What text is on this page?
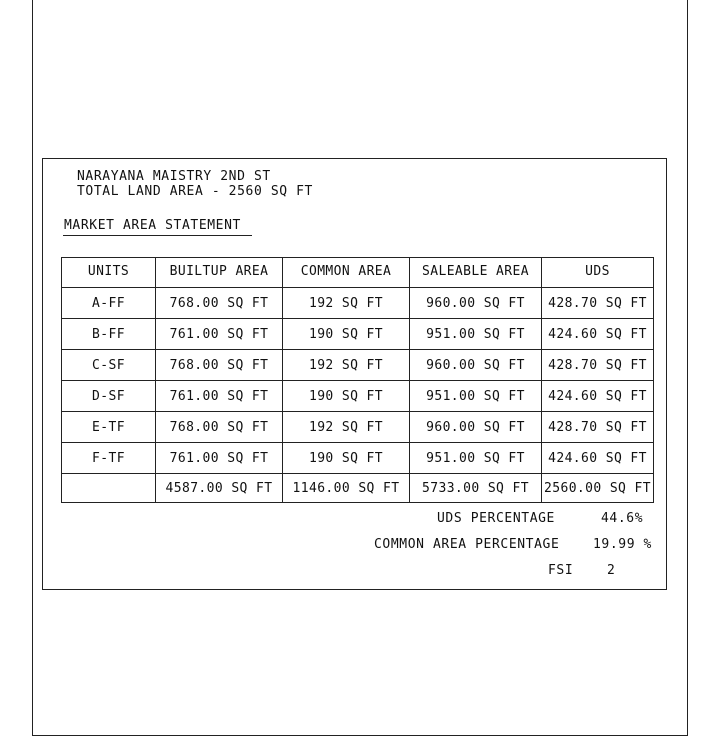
NARAYANA MAISTRY 2ND ST
TOTAL LAND AREA - 2560 SQ FT
MARKET AREA STATEMENT
UNITS	BUILTUP AREA	COMMON AREA	SALEABLE AREA	UDS
A-FF	768.00 SQ FT	192 SQ FT	960.00 SQ FT	428.70 SQ FT
B-FF	761.00 SQ FT	190 SQ FT	951.00 SQ FT	424.60 SQ FT
C-SF	768.00 SQ FT	192 SQ FT	960.00 SQ FT	428.70 SQ FT
D-SF	761.00 SQ FT	190 SQ FT	951.00 SQ FT	424.60 SQ FT
E-TF	768.00 SQ FT	192 SQ FT	960.00 SQ FT	428.70 SQ FT
F-TF	761.00 SQ FT	190 SQ FT	951.00 SQ FT	424.60 SQ FT
	4587.00 SQ FT	1146.00 SQ FT	5733.00 SQ FT	2560.00 SQ FT
UDS PERCENTAGE	44.6%
COMMON AREA PERCENTAGE	19.99 %
FSI	2
